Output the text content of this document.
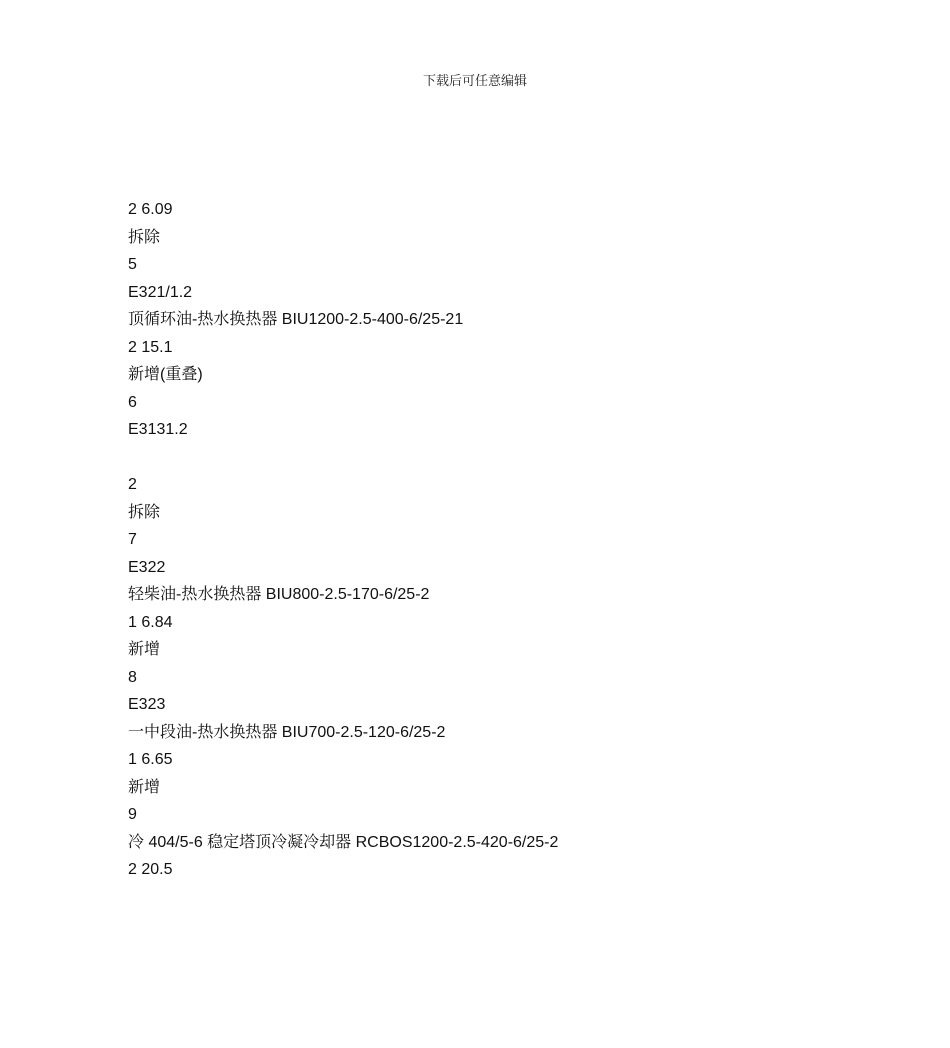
下载后可任意编辑
2 6.09
拆除
5
E321/1.2
顶循环油-热水换热器 BIU1200-2.5-400-6/25-21
2 15.1
新增(重叠)
6
E3131.2
2
拆除
7
E322
轻柴油-热水换热器 BIU800-2.5-170-6/25-2
1 6.84
新增
8
E323
一中段油-热水换热器 BIU700-2.5-120-6/25-2
1 6.65
新增
9
冷 404/5-6 稳定塔顶冷凝冷却器 RCBOS1200-2.5-420-6/25-2
2 20.5
